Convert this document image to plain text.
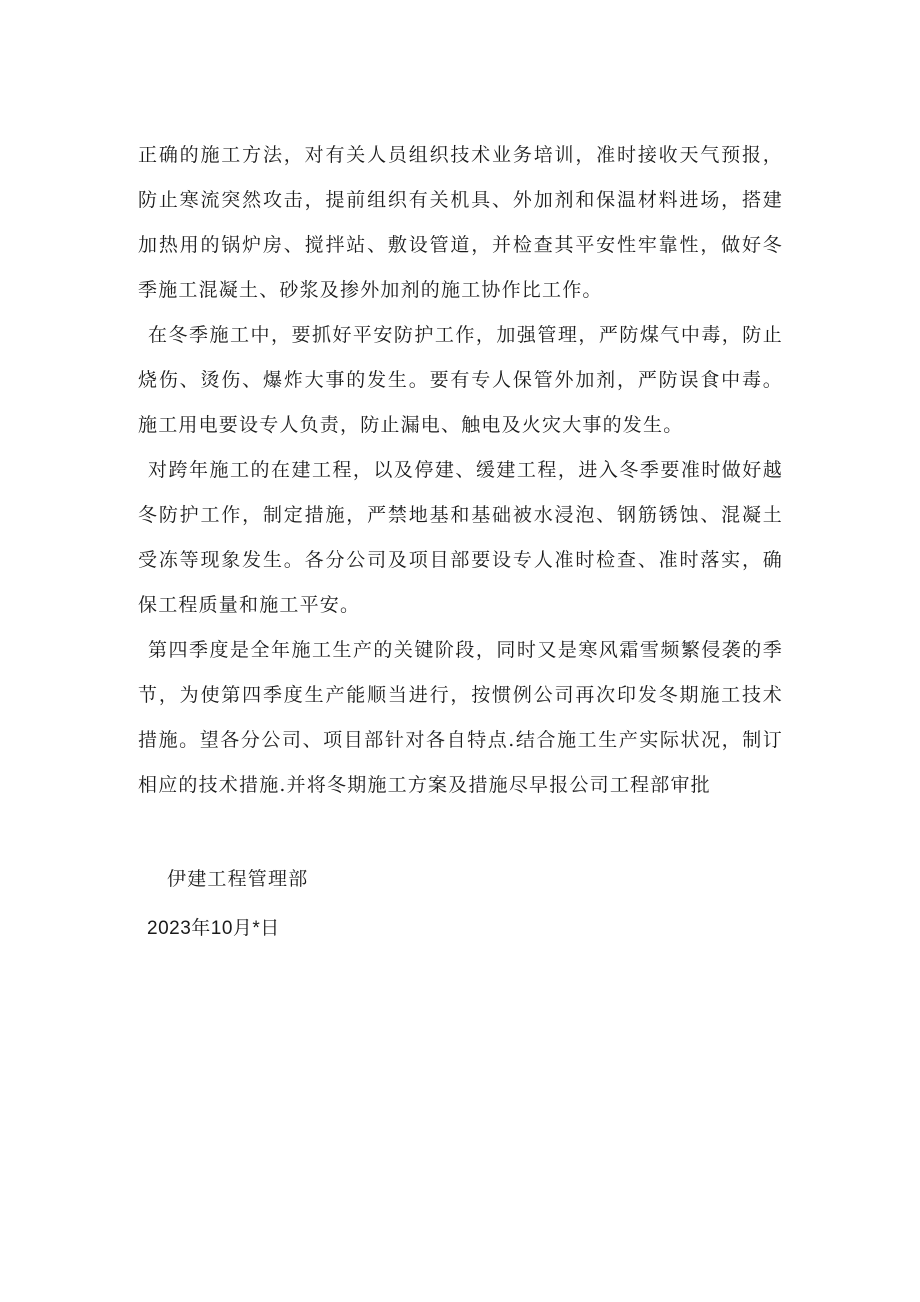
正确的施工方法，对有关人员组织技术业务培训，准时接收天气预报，防止寒流突然攻击，提前组织有关机具、外加剂和保温材料进场，搭建加热用的锅炉房、搅拌站、敷设管道，并检查其平安性牢靠性，做好冬季施工混凝土、砂浆及掺外加剂的施工协作比工作。

在冬季施工中，要抓好平安防护工作，加强管理，严防煤气中毒，防止烧伤、烫伤、爆炸大事的发生。要有专人保管外加剂，严防误食中毒。施工用电要设专人负责，防止漏电、触电及火灾大事的发生。

对跨年施工的在建工程，以及停建、缓建工程，进入冬季要准时做好越冬防护工作，制定措施，严禁地基和基础被水浸泡、钢筋锈蚀、混凝土受冻等现象发生。各分公司及项目部要设专人准时检查、准时落实，确保工程质量和施工平安。

第四季度是全年施工生产的关键阶段，同时又是寒风霜雪频繁侵袭的季节，为使第四季度生产能顺当进行，按惯例公司再次印发冬期施工技术措施。望各分公司、项目部针对各自特点.结合施工生产实际状况，制订相应的技术措施.并将冬期施工方案及措施尽早报公司工程部审批

伊建工程管理部
2023年10月*日
